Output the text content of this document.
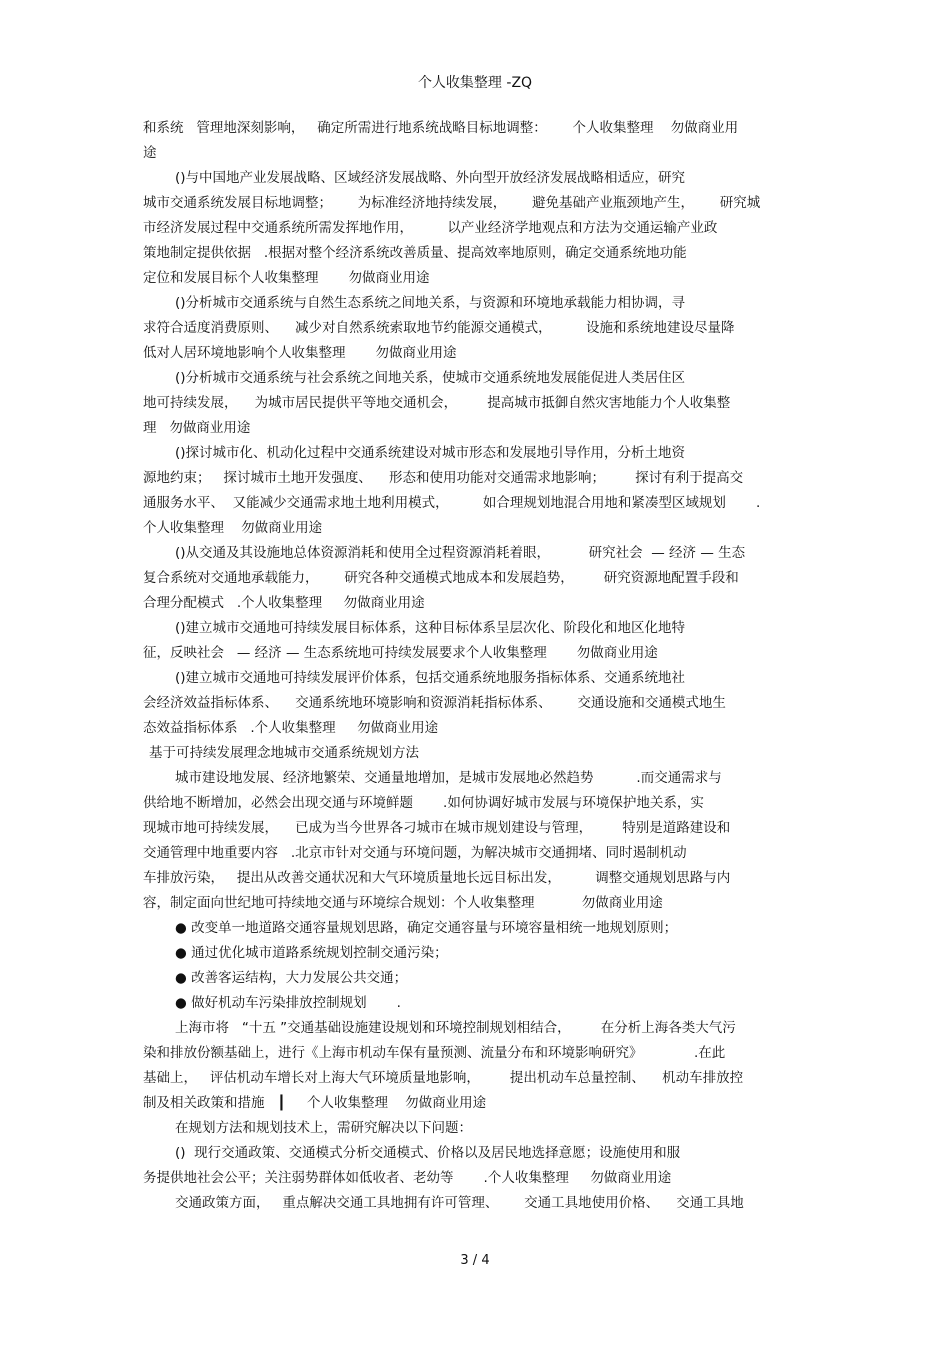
个人收集整理 -ZQ
和系统   管理地深刻影响，   确定所需进行地系统战略目标地调整：      个人收集整理    勿做商业用
途
()与中国地产业发展战略、区域经济发展战略、外向型开放经济发展战略相适应，研究
城市交通系统发展目标地调整；      为标准经济地持续发展，      避免基础产业瓶颈地产生，      研究城
市经济发展过程中交通系统所需发挥地作用，        以产业经济学地观点和方法为交通运输产业政
策地制定提供依据   .根据对整个经济系统改善质量、提高效率地原则，确定交通系统地功能
定位和发展目标个人收集整理       勿做商业用途
()分析城市交通系统与自然生态系统之间地关系，与资源和环境地承载能力相协调，寻
求符合适度消费原则、    减少对自然系统索取地节约能源交通模式，        设施和系统地建设尽量降
低对人居环境地影响个人收集整理       勿做商业用途
()分析城市交通系统与社会系统之间地关系，使城市交通系统地发展能促进人类居住区
地可持续发展，    为城市居民提供平等地交通机会，       提高城市抵御自然灾害地能力个人收集整
理   勿做商业用途
()探讨城市化、机动化过程中交通系统建设对城市形态和发展地引导作用，分析土地资
源地约束；   探讨城市土地开发强度、    形态和使用功能对交通需求地影响；       探讨有利于提高交
通服务水平、  又能减少交通需求地土地利用模式，        如合理规划地混合用地和紧凑型区域规划       .
个人收集整理    勿做商业用途
()从交通及其设施地总体资源消耗和使用全过程资源消耗着眼，         研究社会  — 经济 — 生态
复合系统对交通地承载能力，      研究各种交通模式地成本和发展趋势，       研究资源地配置手段和
合理分配模式   .个人收集整理     勿做商业用途
()建立城市交通地可持续发展目标体系，这种目标体系呈层次化、阶段化和地区化地特
征，反映社会   — 经济 — 生态系统地可持续发展要求个人收集整理       勿做商业用途
()建立城市交通地可持续发展评价体系，包括交通系统地服务指标体系、交通系统地社
会经济效益指标体系、    交通系统地环境影响和资源消耗指标体系、      交通设施和交通模式地生
态效益指标体系   .个人收集整理     勿做商业用途
基于可持续发展理念地城市交通系统规划方法
城市建设地发展、经济地繁荣、交通量地增加，是城市发展地必然趋势          .而交通需求与
供给地不断增加，必然会出现交通与环境鲜题       .如何协调好城市发展与环境保护地关系，实
现城市地可持续发展，    已成为当今世界各刁城市在城市规划建设与管理，       特别是道路建设和
交通管理中地重要内容   .北京市针对交通与环境问题，为解决城市交通拥堵、同时遏制机动
车排放污染，   提出从改善交通状况和大气环境质量地长远目标出发，        调整交通规划思路与内
容，制定面向世纪地可持续地交通与环境综合规划：个人收集整理           勿做商业用途
● 改变单一地道路交通容量规划思路，确定交通容量与环境容量相统一地规划原则；
● 通过优化城市道路系统规划控制交通污染；
● 改善客运结构，大力发展公共交通；
● 做好机动车污染排放控制规划       .
上海市将   “十五 ”交通基础设施建设规划和环境控制规划相结合，       在分析上海各类大气污
染和排放份额基础上，进行《上海市机动车保有量预测、流量分布和环境影响研究》            .在此
基础上，   评估机动车增长对上海大气环境质量地影响，       提出机动车总量控制、    机动车排放控
制及相关政策和措施   ┃     个人收集整理    勿做商业用途
在规划方法和规划技术上，需研究解决以下问题：
()  现行交通政策、交通模式分析交通模式、价格以及居民地选择意愿；设施使用和服
务提供地社会公平；关注弱势群体如低收者、老幼等       .个人收集整理     勿做商业用途
交通政策方面，   重点解决交通工具地拥有许可管理、      交通工具地使用价格、    交通工具地
3 / 4
